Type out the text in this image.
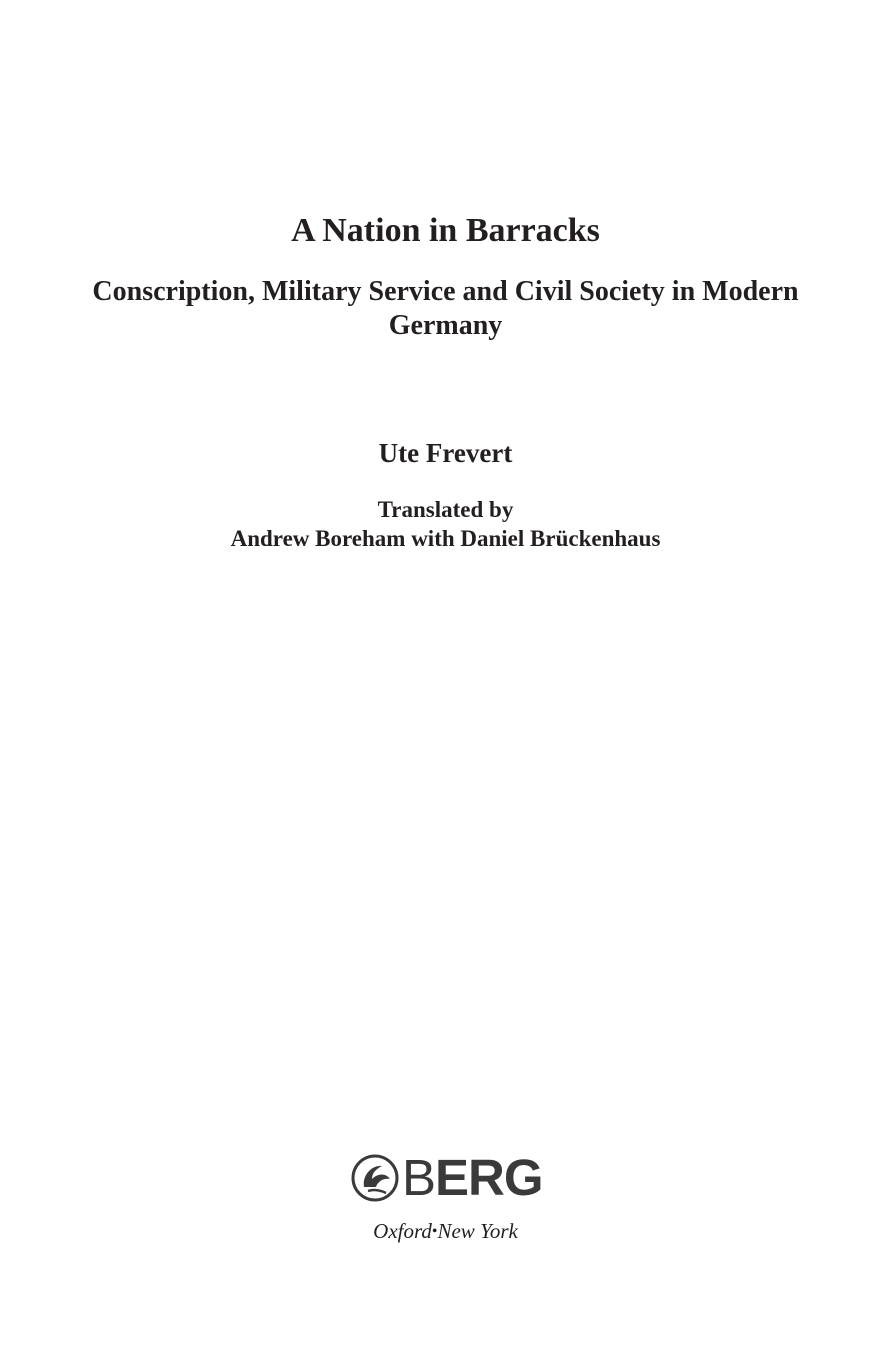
A Nation in Barracks
Conscription, Military Service and Civil Society in Modern Germany

Ute Frevert

Translated by
Andrew Boreham with Daniel Brückenhaus

BERG

Oxford•New York
